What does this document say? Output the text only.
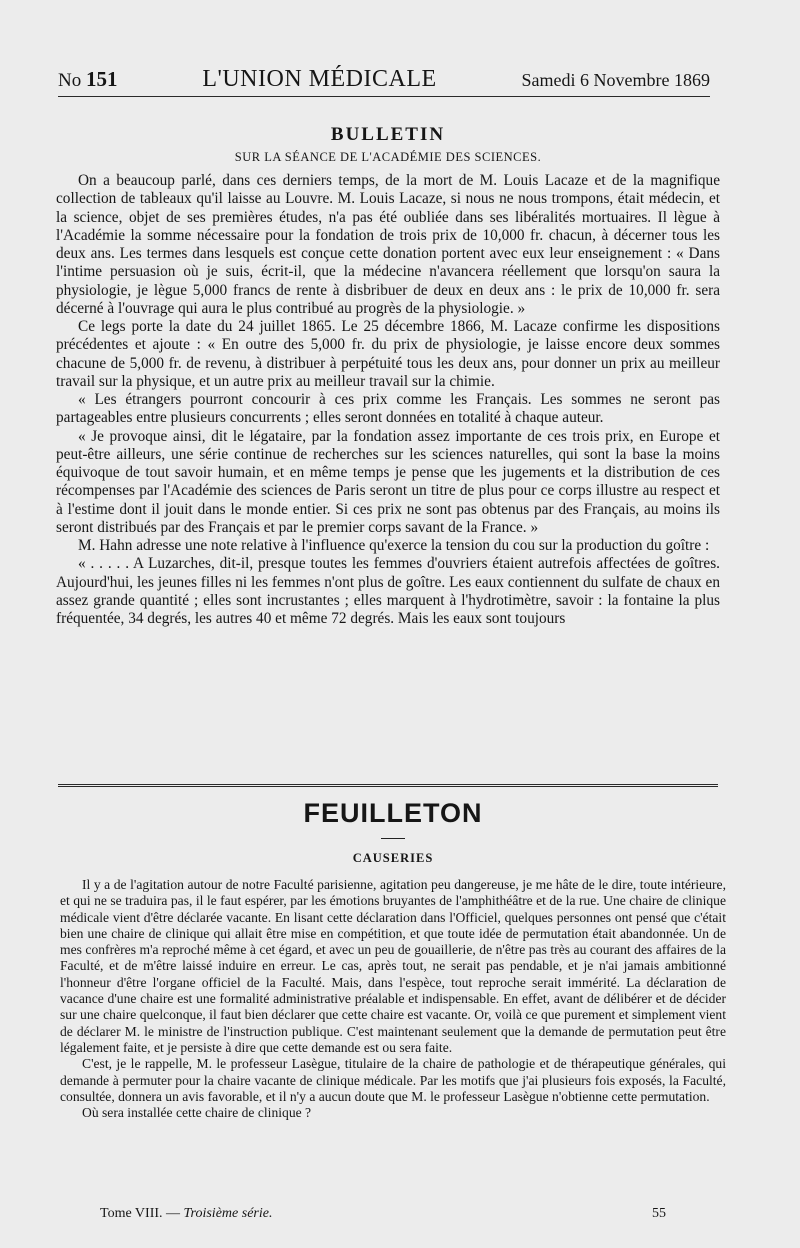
No 151	L'UNION MÉDICALE	Samedi 6 Novembre 1869
BULLETIN
SUR LA SÉANCE DE L'ACADÉMIE DES SCIENCES.

On a beaucoup parlé, dans ces derniers temps, de la mort de M. Louis Lacaze et de la magnifique collection de tableaux qu'il laisse au Louvre. M. Louis Lacaze, si nous ne nous trompons, était médecin, et la science, objet de ses premières études, n'a pas été oubliée dans ses libéralités mortuaires. Il lègue à l'Académie la somme nécessaire pour la fondation de trois prix de 10,000 fr. chacun, à décerner tous les deux ans. Les termes dans lesquels est conçue cette donation portent avec eux leur enseignement : « Dans l'intime persuasion où je suis, écrit-il, que la médecine n'avancera réellement que lorsqu'on saura la physiologie, je lègue 5,000 francs de rente à disbribuer de deux en deux ans : le prix de 10,000 fr. sera décerné à l'ouvrage qui aura le plus contribué au progrès de la physiologie. »

Ce legs porte la date du 24 juillet 1865. Le 25 décembre 1866, M. Lacaze confirme les dispositions précédentes et ajoute : « En outre des 5,000 fr. du prix de physiologie, je laisse encore deux sommes chacune de 5,000 fr. de revenu, à distribuer à perpétuité tous les deux ans, pour donner un prix au meilleur travail sur la physique, et un autre prix au meilleur travail sur la chimie.

« Les étrangers pourront concourir à ces prix comme les Français. Les sommes ne seront pas partageables entre plusieurs concurrents ; elles seront données en totalité à chaque auteur.

« Je provoque ainsi, dit le légataire, par la fondation assez importante de ces trois prix, en Europe et peut-être ailleurs, une série continue de recherches sur les sciences naturelles, qui sont la base la moins équivoque de tout savoir humain, et en même temps je pense que les jugements et la distribution de ces récompenses par l'Académie des sciences de Paris seront un titre de plus pour ce corps illustre au respect et à l'estime dont il jouit dans le monde entier. Si ces prix ne sont pas obtenus par des Français, au moins ils seront distribués par des Français et par le premier corps savant de la France. »

M. Hahn adresse une note relative à l'influence qu'exerce la tension du cou sur la production du goître :

« . . . . . A Luzarches, dit-il, presque toutes les femmes d'ouvriers étaient autrefois affectées de goîtres. Aujourd'hui, les jeunes filles ni les femmes n'ont plus de goître. Les eaux contiennent du sulfate de chaux en assez grande quantité ; elles sont incrustantes ; elles marquent à l'hydrotimètre, savoir : la fontaine la plus fréquentée, 34 degrés, les autres 40 et même 72 degrés. Mais les eaux sont toujours

FEUILLETON
CAUSERIES

Il y a de l'agitation autour de notre Faculté parisienne, agitation peu dangereuse, je me hâte de le dire, toute intérieure, et qui ne se traduira pas, il le faut espérer, par les émotions bruyantes de l'amphithéâtre et de la rue. Une chaire de clinique médicale vient d'être déclarée vacante. En lisant cette déclaration dans l'Officiel, quelques personnes ont pensé que c'était bien une chaire de clinique qui allait être mise en compétition, et que toute idée de permutation était abandonnée. Un de mes confrères m'a reproché même à cet égard, et avec un peu de gouaillerie, de n'être pas très au courant des affaires de la Faculté, et de m'être laissé induire en erreur. Le cas, après tout, ne serait pas pendable, et je n'ai jamais ambitionné l'honneur d'être l'organe officiel de la Faculté. Mais, dans l'espèce, tout reproche serait immérité. La déclaration de vacance d'une chaire est une formalité administrative préalable et indispensable. En effet, avant de délibérer et de décider sur une chaire quelconque, il faut bien déclarer que cette chaire est vacante. Or, voilà ce que purement et simplement vient de déclarer M. le ministre de l'instruction publique. C'est maintenant seulement que la demande de permutation peut être légalement faite, et je persiste à dire que cette demande est ou sera faite.

C'est, je le rappelle, M. le professeur Lasègue, titulaire de la chaire de pathologie et de thérapeutique générales, qui demande à permuter pour la chaire vacante de clinique médicale. Par les motifs que j'ai plusieurs fois exposés, la Faculté, consultée, donnera un avis favorable, et il n'y a aucun doute que M. le professeur Lasègue n'obtienne cette permutation.

Où sera installée cette chaire de clinique ?

Tome VIII. — Troisième série.	55
